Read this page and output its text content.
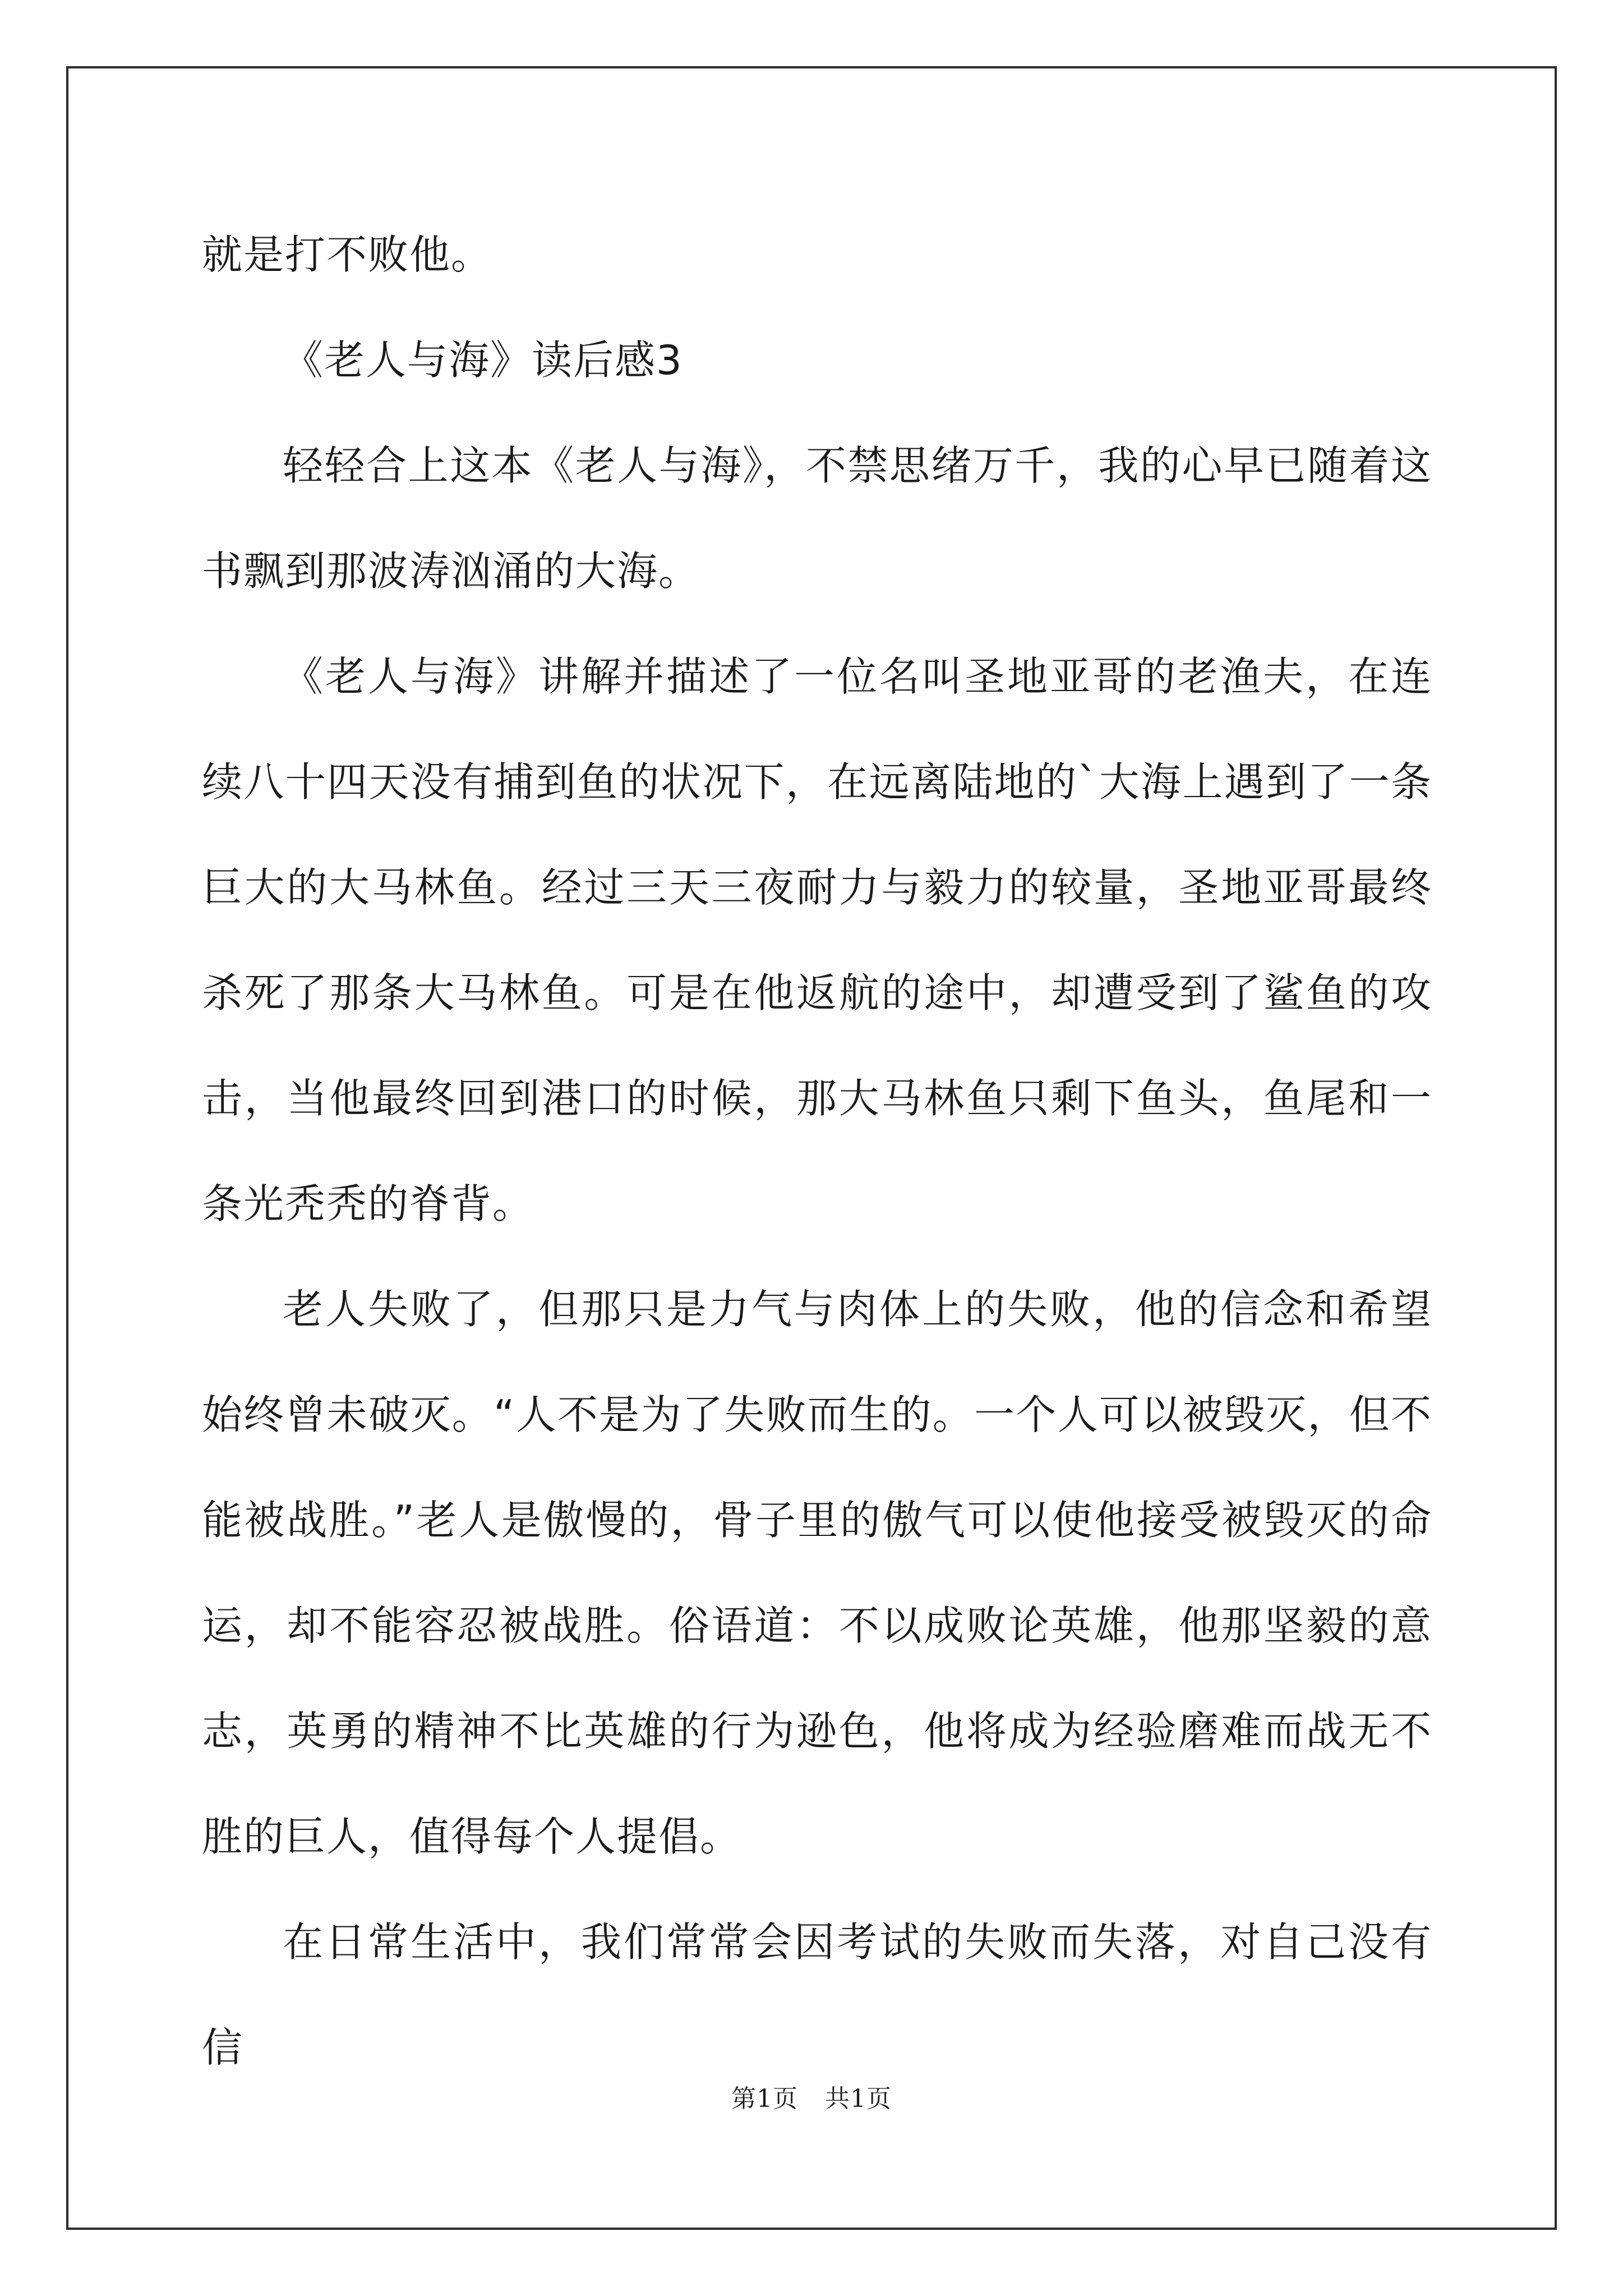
就是打不败他。

《老人与海》读后感3

轻轻合上这本《老人与海》，不禁思绪万千，我的心早已随着这书飘到那波涛汹涌的大海。

《老人与海》讲解并描述了一位名叫圣地亚哥的老渔夫，在连续八十四天没有捕到鱼的状况下，在远离陆地的`大海上遇到了一条巨大的大马林鱼。经过三天三夜耐力与毅力的较量，圣地亚哥最终杀死了那条大马林鱼。可是在他返航的途中，却遭受到了鲨鱼的攻击，当他最终回到港口的时候，那大马林鱼只剩下鱼头，鱼尾和一条光秃秃的脊背。

老人失败了，但那只是力气与肉体上的失败，他的信念和希望始终曾未破灭。“人不是为了失败而生的。一个人可以被毁灭，但不能被战胜。”老人是傲慢的，骨子里的傲气可以使他接受被毁灭的命运，却不能容忍被战胜。俗语道：不以成败论英雄，他那坚毅的意志，英勇的精神不比英雄的行为逊色，他将成为经验磨难而战无不胜的巨人，值得每个人提倡。

在日常生活中，我们常常会因考试的失败而失落，对自己没有信

第1页 共1页
